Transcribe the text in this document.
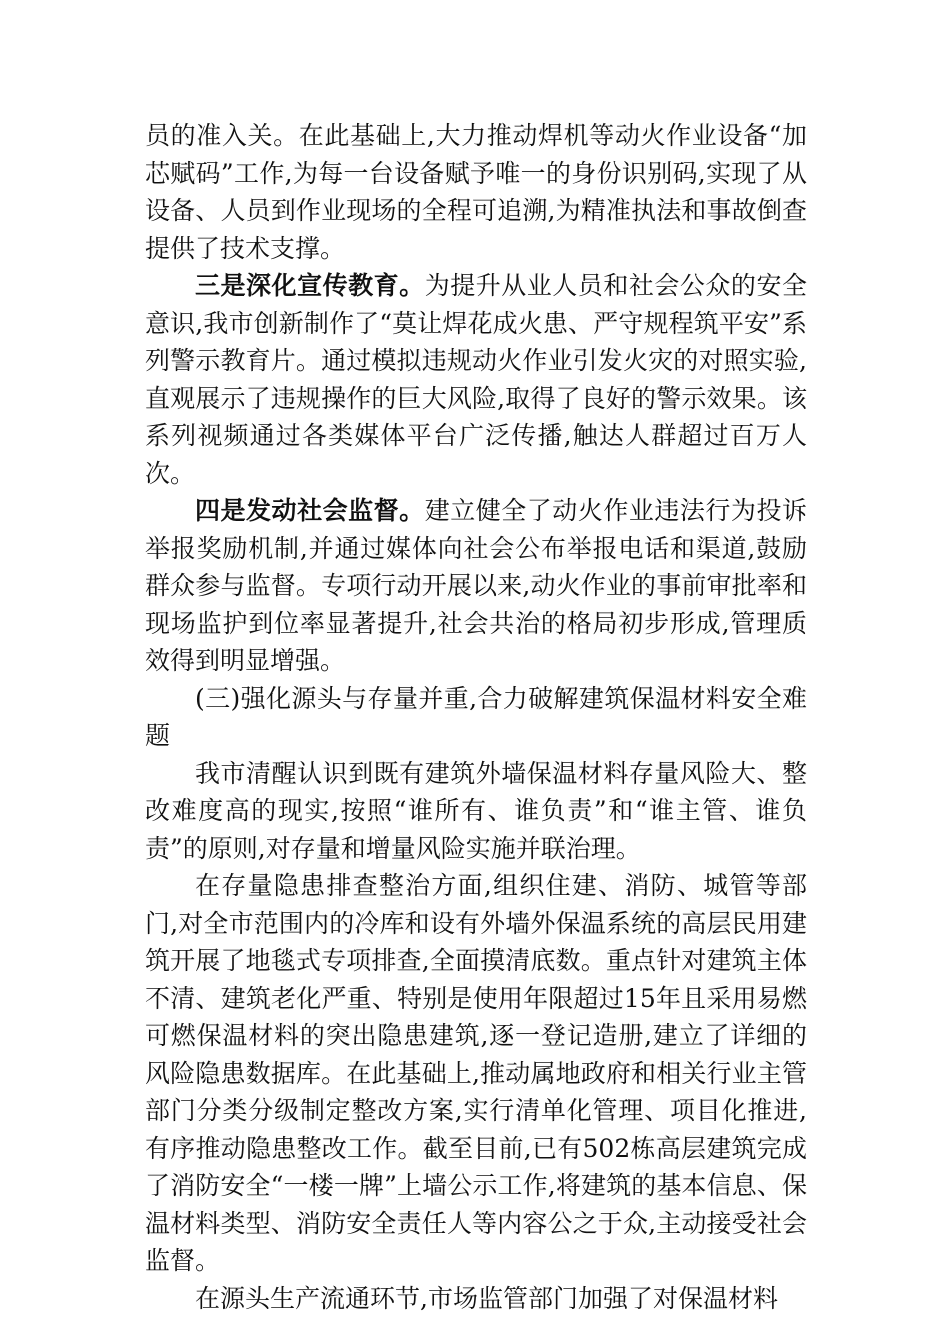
员的准入关。在此基础上,大力推动焊机等动火作业设备“加芯赋码”工作,为每一台设备赋予唯一的身份识别码,实现了从设备、人员到作业现场的全程可追溯,为精准执法和事故倒查提供了技术支撑。

三是深化宣传教育。为提升从业人员和社会公众的安全意识,我市创新制作了“莫让焊花成火患、严守规程筑平安”系列警示教育片。通过模拟违规动火作业引发火灾的对照实验,直观展示了违规操作的巨大风险,取得了良好的警示效果。该系列视频通过各类媒体平台广泛传播,触达人群超过百万人次。

四是发动社会监督。建立健全了动火作业违法行为投诉举报奖励机制,并通过媒体向社会公布举报电话和渠道,鼓励群众参与监督。专项行动开展以来,动火作业的事前审批率和现场监护到位率显著提升,社会共治的格局初步形成,管理质效得到明显增强。

(三)强化源头与存量并重,合力破解建筑保温材料安全难题

我市清醒认识到既有建筑外墙保温材料存量风险大、整改难度高的现实,按照“谁所有、谁负责”和“谁主管、谁负责”的原则,对存量和增量风险实施并联治理。

在存量隐患排查整治方面,组织住建、消防、城管等部门,对全市范围内的冷库和设有外墙外保温系统的高层民用建筑开展了地毯式专项排查,全面摸清底数。重点针对建筑主体不清、建筑老化严重、特别是使用年限超过15年且采用易燃可燃保温材料的突出隐患建筑,逐一登记造册,建立了详细的风险隐患数据库。在此基础上,推动属地政府和相关行业主管部门分类分级制定整改方案,实行清单化管理、项目化推进,有序推动隐患整改工作。截至目前,已有502栋高层建筑完成了消防安全“一楼一牌”上墙公示工作,将建筑的基本信息、保温材料类型、消防安全责任人等内容公之于众,主动接受社会监督。

在源头生产流通环节,市场监管部门加强了对保温材料
